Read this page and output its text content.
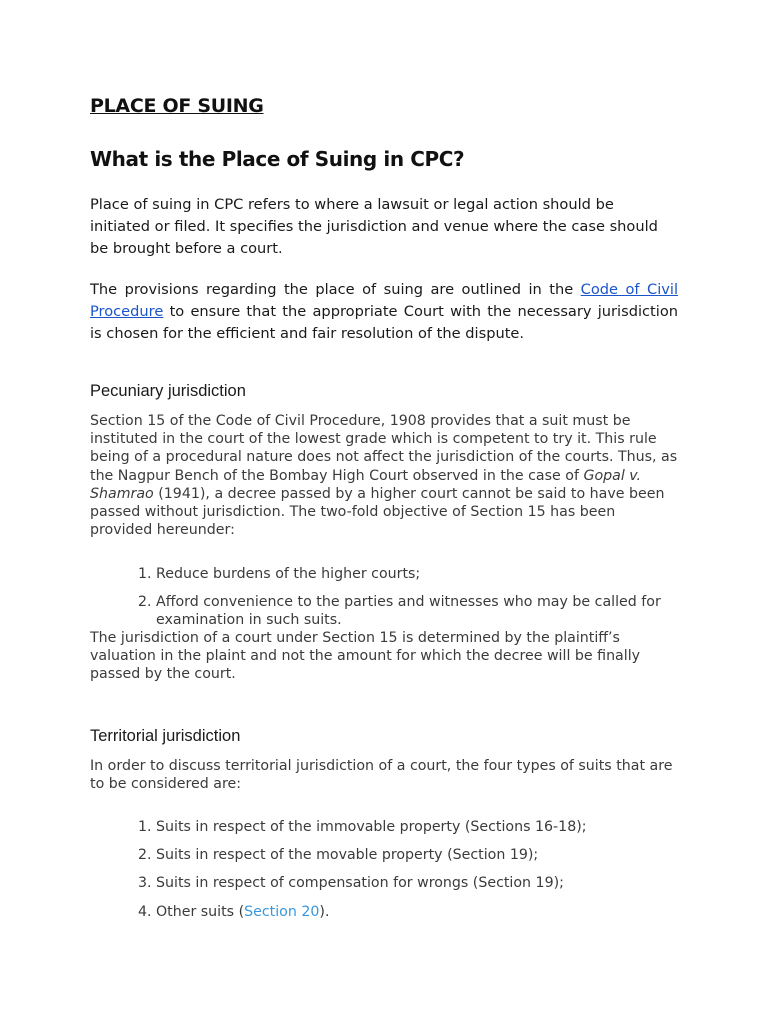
PLACE OF SUING
What is the Place of Suing in CPC?

Place of suing in CPC refers to where a lawsuit or legal action should be initiated or filed. It specifies the jurisdiction and venue where the case should be brought before a court.

The provisions regarding the place of suing are outlined in the Code of Civil Procedure to ensure that the appropriate Court with the necessary jurisdiction is chosen for the efficient and fair resolution of the dispute.

Pecuniary jurisdiction

Section 15 of the Code of Civil Procedure, 1908 provides that a suit must be instituted in the court of the lowest grade which is competent to try it. This rule being of a procedural nature does not affect the jurisdiction of the courts. Thus, as the Nagpur Bench of the Bombay High Court observed in the case of Gopal v. Shamrao (1941), a decree passed by a higher court cannot be said to have been passed without jurisdiction. The two-fold objective of Section 15 has been provided hereunder:

1. Reduce burdens of the higher courts;
2. Afford convenience to the parties and witnesses who may be called for examination in such suits.

The jurisdiction of a court under Section 15 is determined by the plaintiff’s valuation in the plaint and not the amount for which the decree will be finally passed by the court.

Territorial jurisdiction

In order to discuss territorial jurisdiction of a court, the four types of suits that are to be considered are:

1. Suits in respect of the immovable property (Sections 16-18);
2. Suits in respect of the movable property (Section 19);
3. Suits in respect of compensation for wrongs (Section 19);
4. Other suits (Section 20).
